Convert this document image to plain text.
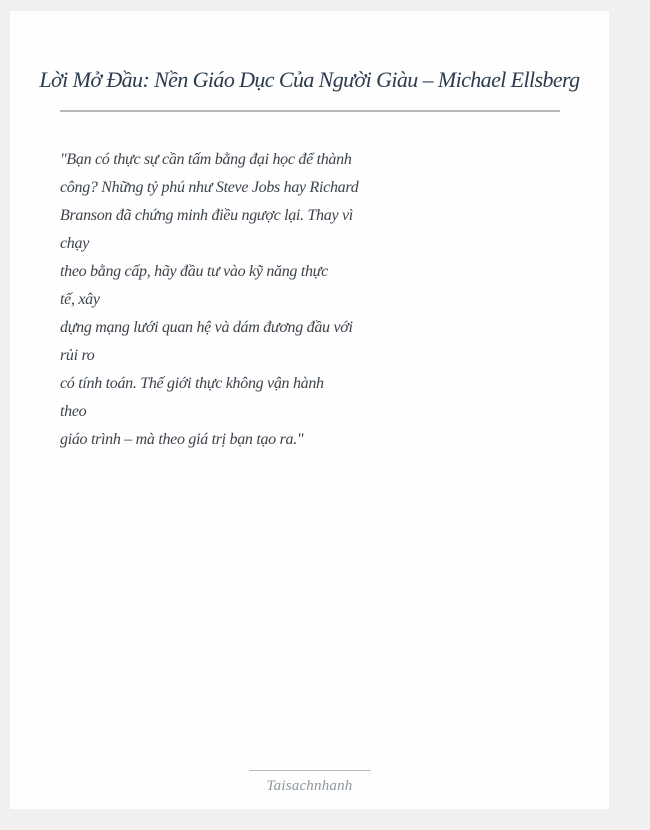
Lời Mở Đầu: Nền Giáo Dục Của Người Giàu – Michael Ellsberg
"Bạn có thực sự cần tấm bằng đại học để thành
công? Những tỷ phú như Steve Jobs hay Richard
Branson đã chứng minh điều ngược lại. Thay vì
chạy
theo bằng cấp, hãy đầu tư vào kỹ năng thực
tế, xây
dựng mạng lưới quan hệ và dám đương đầu với
rủi ro
có tính toán. Thế giới thực không vận hành
theo
giáo trình – mà theo giá trị bạn tạo ra."
Taisachnhanh
